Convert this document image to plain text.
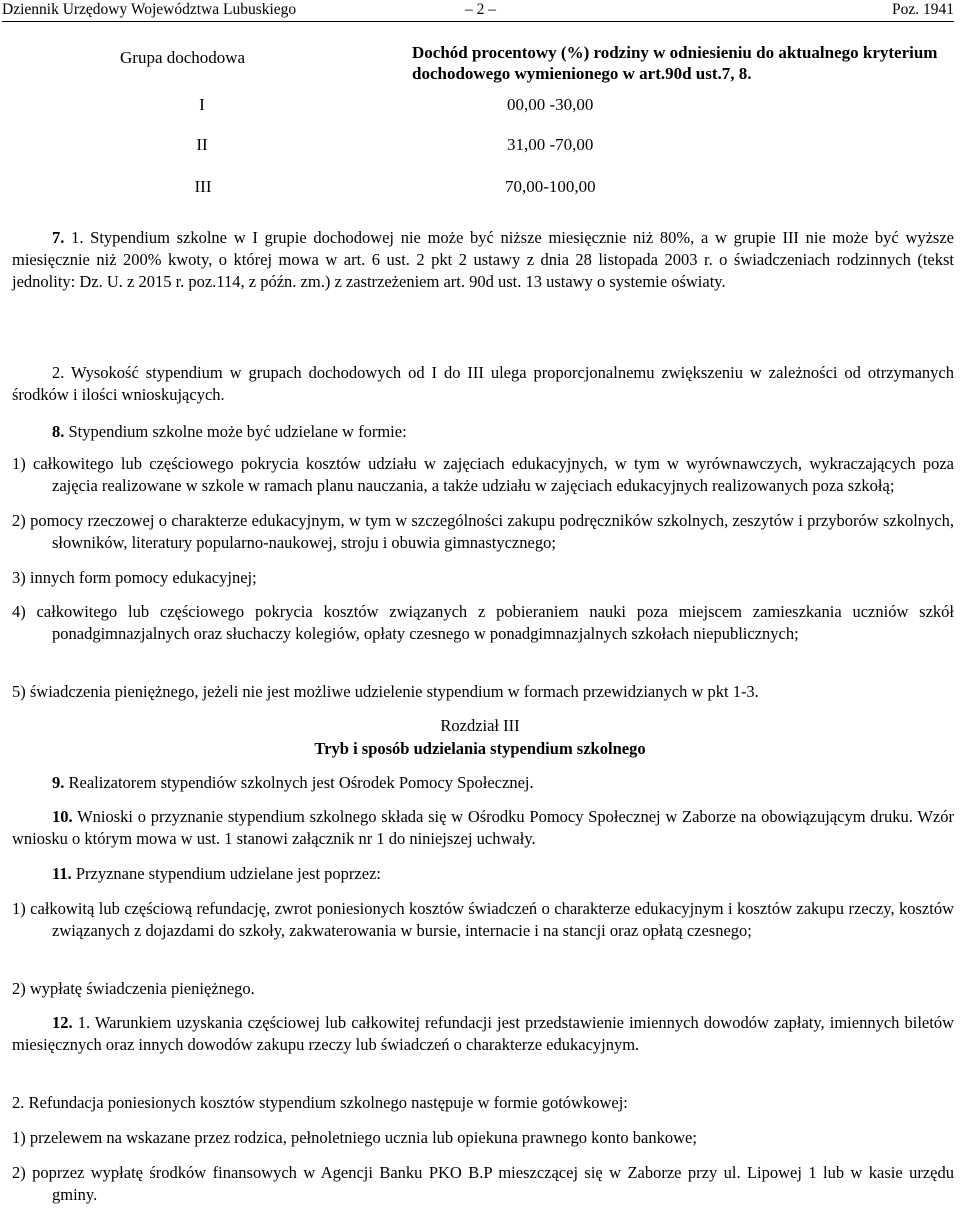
Dziennik Urzędowy Województwa Lubuskiego	– 2 –	Poz. 1941
Grupa dochodowa	Dochód procentowy (%) rodziny w odniesieniu do aktualnego kryterium dochodowego wymienionego w art.90d ust.7, 8.
I	00,00 -30,00
II	31,00 -70,00
III	70,00-100,00
7. 1. Stypendium szkolne w I grupie dochodowej nie może być niższe miesięcznie niż 80%, a w grupie III nie może być wyższe miesięcznie niż 200% kwoty, o której mowa w art. 6 ust. 2 pkt 2 ustawy z dnia 28 listopada 2003 r. o świadczeniach rodzinnych (tekst jednolity: Dz. U. z 2015 r. poz.114, z późn. zm.) z zastrzeżeniem art. 90d ust. 13 ustawy o systemie oświaty.
2. Wysokość stypendium w grupach dochodowych od I do III ulega proporcjonalnemu zwiększeniu w zależności od otrzymanych środków i ilości wnioskujących.
8. Stypendium szkolne może być udzielane w formie:
1) całkowitego lub częściowego pokrycia kosztów udziału w zajęciach edukacyjnych, w tym w wyrównawczych, wykraczających poza zajęcia realizowane w szkole w ramach planu nauczania, a także udziału w zajęciach edukacyjnych realizowanych poza szkołą;
2) pomocy rzeczowej o charakterze edukacyjnym, w tym w szczególności zakupu podręczników szkolnych, zeszytów i przyborów szkolnych, słowników, literatury popularno-naukowej, stroju i obuwia gimnastycznego;
3) innych form pomocy edukacyjnej;
4) całkowitego lub częściowego pokrycia kosztów związanych z pobieraniem nauki poza miejscem zamieszkania uczniów szkół ponadgimnazjalnych oraz słuchaczy kolegiów, opłaty czesnego w ponadgimnazjalnych szkołach niepublicznych;
5) świadczenia pieniężnego, jeżeli nie jest możliwe udzielenie stypendium w formach przewidzianych w pkt 1-3.
Rozdział III
Tryb i sposób udzielania stypendium szkolnego
9. Realizatorem stypendiów szkolnych jest Ośrodek Pomocy Społecznej.
10. Wnioski o przyznanie stypendium szkolnego składa się w Ośrodku Pomocy Społecznej w Zaborze na obowiązującym druku. Wzór wniosku o którym mowa w ust. 1 stanowi załącznik nr 1 do niniejszej uchwały.
11. Przyznane stypendium udzielane jest poprzez:
1) całkowitą lub częściową refundację, zwrot poniesionych kosztów świadczeń o charakterze edukacyjnym i kosztów zakupu rzeczy, kosztów związanych z dojazdami do szkoły, zakwaterowania w bursie, internacie i na stancji oraz opłatą czesnego;
2) wypłatę świadczenia pieniężnego.
12. 1. Warunkiem uzyskania częściowej lub całkowitej refundacji jest przedstawienie imiennych dowodów zapłaty, imiennych biletów miesięcznych oraz innych dowodów zakupu rzeczy lub świadczeń o charakterze edukacyjnym.
2. Refundacja poniesionych kosztów stypendium szkolnego następuje w formie gotówkowej:
1) przelewem na wskazane przez rodzica, pełnoletniego ucznia lub opiekuna prawnego konto bankowe;
2) poprzez wypłatę środków finansowych w Agencji Banku PKO B.P mieszczącej się w Zaborze przy ul. Lipowej 1 lub w kasie urzędu gminy.
